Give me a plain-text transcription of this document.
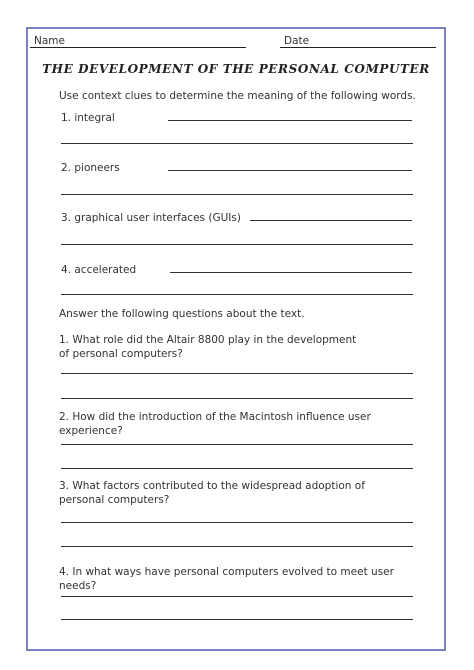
Name	Date
THE DEVELOPMENT OF THE PERSONAL COMPUTER
Use context clues to determine the meaning of the following words.
1. integral
2. pioneers
3. graphical user interfaces (GUIs)
4. accelerated
Answer the following questions about the text.
1. What role did the Altair 8800 play in the development of personal computers?
2. How did the introduction of the Macintosh influence user experience?
3. What factors contributed to the widespread adoption of personal computers?
4. In what ways have personal computers evolved to meet user needs?
